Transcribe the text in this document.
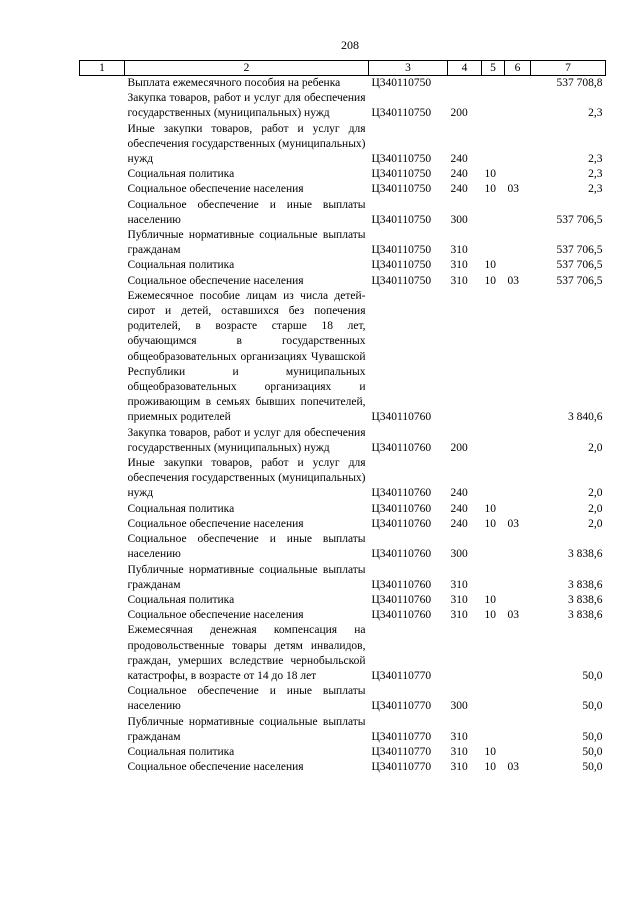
208
1	2	3	4	5	6	7
	Выплата ежемесячного пособия на ребенка	Ц340110750				537 708,8
	Закупка товаров, работ и услуг для обеспечения государственных (муниципальных) нужд	Ц340110750	200			2,3
	Иные закупки товаров, работ и услуг для обеспечения государственных (муниципальных) нужд	Ц340110750	240			2,3
	Социальная политика	Ц340110750	240	10		2,3
	Социальное обеспечение населения	Ц340110750	240	10	03	2,3
	Социальное обеспечение и иные выплаты населению	Ц340110750	300			537 706,5
	Публичные нормативные социальные выплаты гражданам	Ц340110750	310			537 706,5
	Социальная политика	Ц340110750	310	10		537 706,5
	Социальное обеспечение населения	Ц340110750	310	10	03	537 706,5
	Ежемесячное пособие лицам из числа детей-сирот и детей, оставшихся без попечения родителей, в возрасте старше 18 лет, обучающимся в государственных общеобразовательных организациях Чувашской Республики и муниципальных общеобразовательных организациях и проживающим в семьях бывших попечителей, приемных родителей	Ц340110760				3 840,6
	Закупка товаров, работ и услуг для обеспечения государственных (муниципальных) нужд	Ц340110760	200			2,0
	Иные закупки товаров, работ и услуг для обеспечения государственных (муниципальных) нужд	Ц340110760	240			2,0
	Социальная политика	Ц340110760	240	10		2,0
	Социальное обеспечение населения	Ц340110760	240	10	03	2,0
	Социальное обеспечение и иные выплаты населению	Ц340110760	300			3 838,6
	Публичные нормативные социальные выплаты гражданам	Ц340110760	310			3 838,6
	Социальная политика	Ц340110760	310	10		3 838,6
	Социальное обеспечение населения	Ц340110760	310	10	03	3 838,6
	Ежемесячная денежная компенсация на продовольственные товары детям инвалидов, граждан, умерших вследствие чернобыльской катастрофы, в возрасте от 14 до 18 лет	Ц340110770				50,0
	Социальное обеспечение и иные выплаты населению	Ц340110770	300			50,0
	Публичные нормативные социальные выплаты гражданам	Ц340110770	310			50,0
	Социальная политика	Ц340110770	310	10		50,0
	Социальное обеспечение населения	Ц340110770	310	10	03	50,0
